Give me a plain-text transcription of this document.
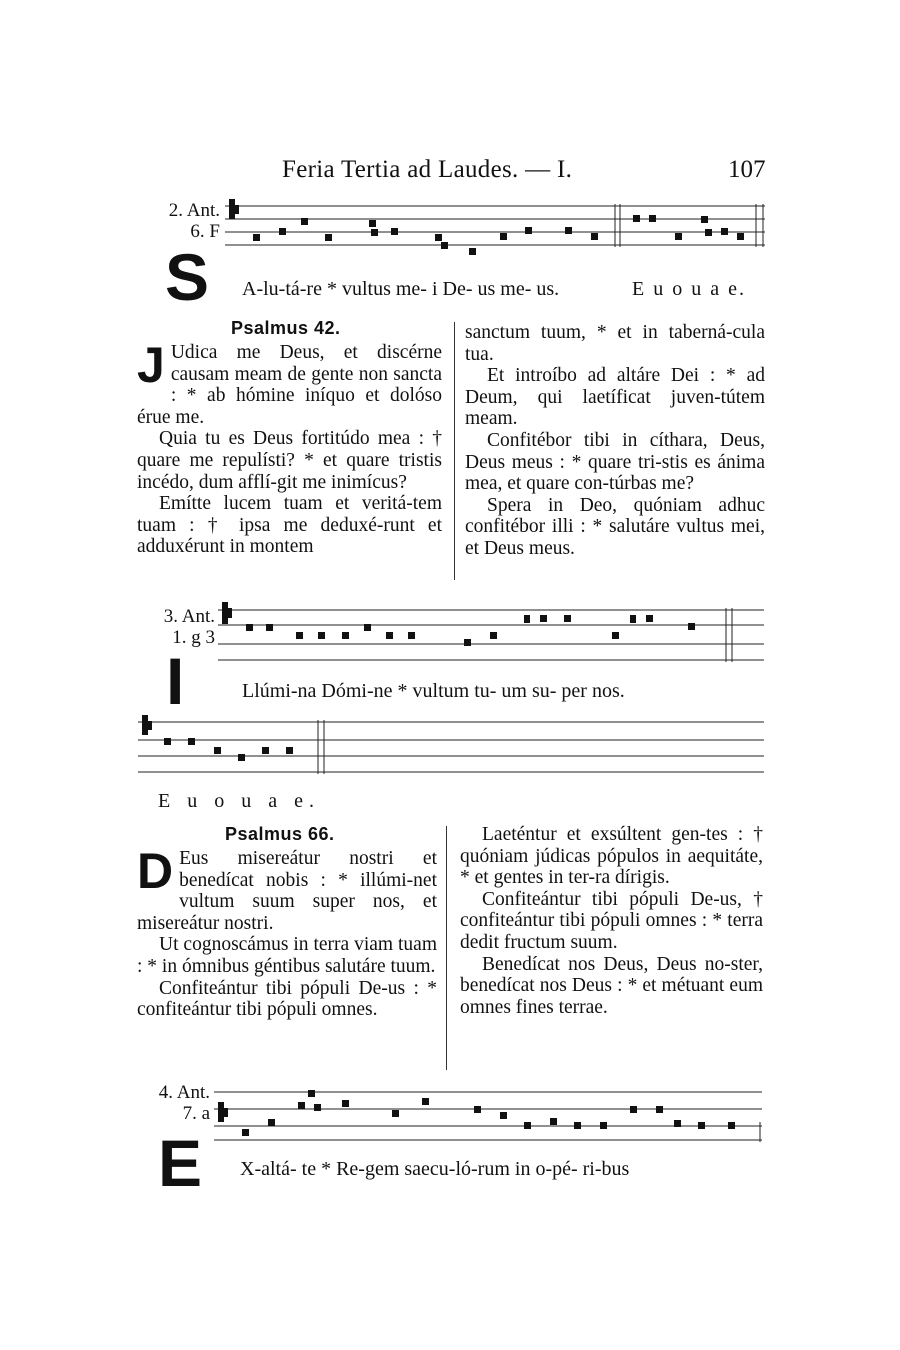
Feria Tertia ad Laudes. — I.	107
2. Ant.
6. F
S A-lu-tá-re * vultus me- i De- us me- us.	E u o u a e.
Psalmus 42.

J Udica me Deus, et discérne causam meam de gente non sancta : * ab hómine iníquo et dolóso érue me.

Quia tu es Deus fortitúdo mea : † quare me repulísti? * et quare tristis incédo, dum afflí-git me inimícus?

Emítte lucem tuam et veritá-tem tuam : † ipsa me deduxé-runt et adduxérunt in montem

sanctum tuum, * et in taberná-cula tua.

Et introíbo ad altáre Dei : * ad Deum, qui laetíficat juven-tútem meam.

Confitébor tibi in cíthara, Deus, Deus meus : * quare tri-stis es ánima mea, et quare con-túrbas me?

Spera in Deo, quóniam adhuc confitébor illi : * salutáre vultus mei, et Deus meus.

3. Ant.
1. g 3
I	Llúmi-na Dómi-ne * vultum tu- um su- per nos.
E u o u a e.
Psalmus 66.

D Eus misereátur nostri et benedícat nobis : * illúmi-net vultum suum super nos, et misereátur nostri.

Ut cognoscámus in terra viam tuam : * in ómnibus géntibus salutáre tuum.

Confiteántur tibi pópuli De-us : * confiteántur tibi pópuli omnes.

Laeténtur et exsúltent gen-tes : † quóniam júdicas pópulos in aequitáte, * et gentes in ter-ra dírigis.

Confiteántur tibi pópuli De-us, † confiteántur tibi pópuli omnes : * terra dedit fructum suum.

Benedícat nos Deus, Deus no-ster, benedícat nos Deus : * et métuant eum omnes fines terrae.

4. Ant.
7. a
E X-altá- te * Re-gem saecu-ló-rum in o-pé- ri-bus
